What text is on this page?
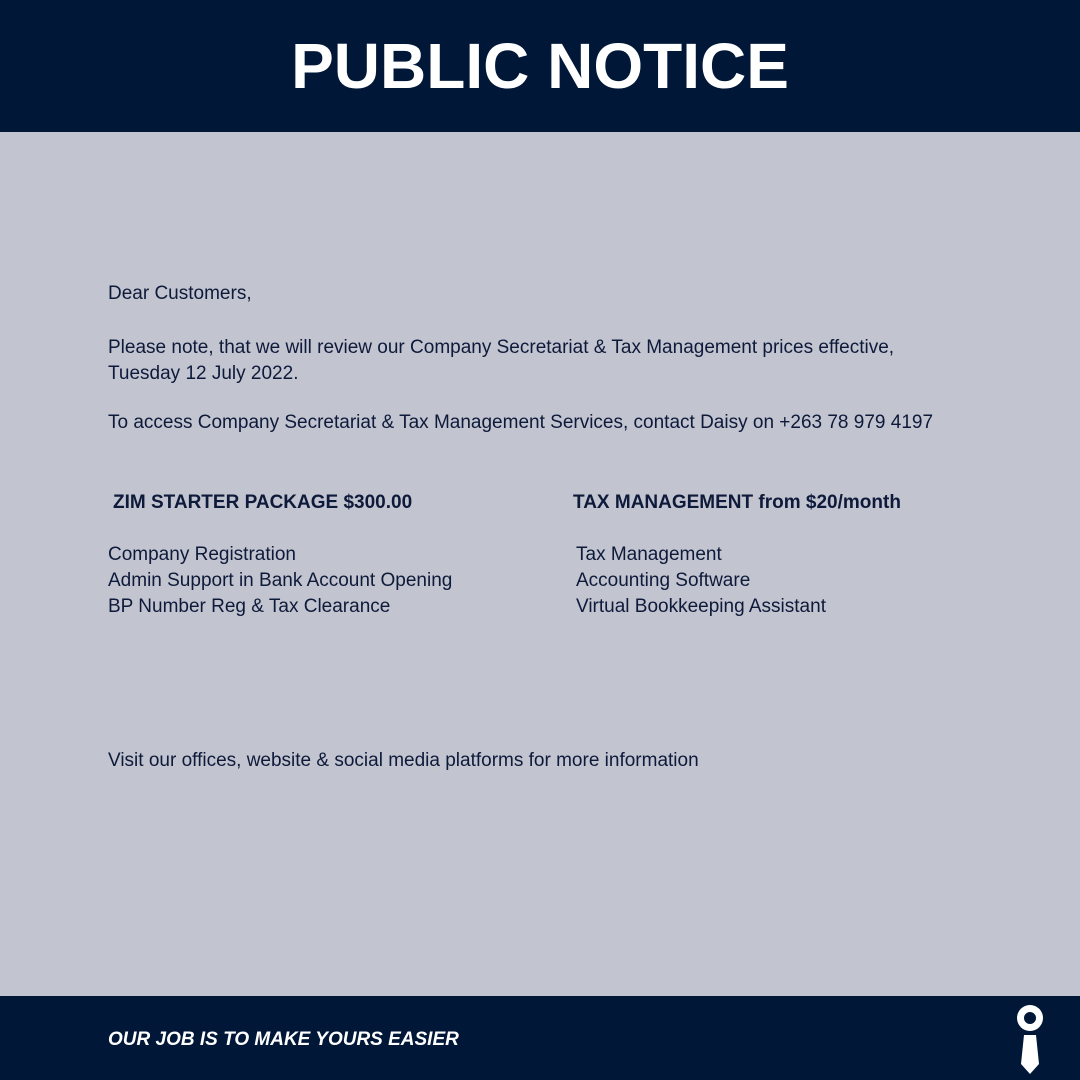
PUBLIC NOTICE

Dear Customers,

Please note, that we will review our Company Secretariat & Tax Management prices effective,
Tuesday 12 July 2022.

To access Company Secretariat & Tax Management Services, contact Daisy on +263 78 979 4197

ZIM STARTER PACKAGE $300.00
Company Registration
Admin Support in Bank Account Opening
BP Number Reg & Tax Clearance
TAX MANAGEMENT from $20/month
Tax Management
Accounting Software
Virtual Bookkeeping Assistant

Visit our offices, website & social media platforms for more information

OUR JOB IS TO MAKE YOURS EASIER
